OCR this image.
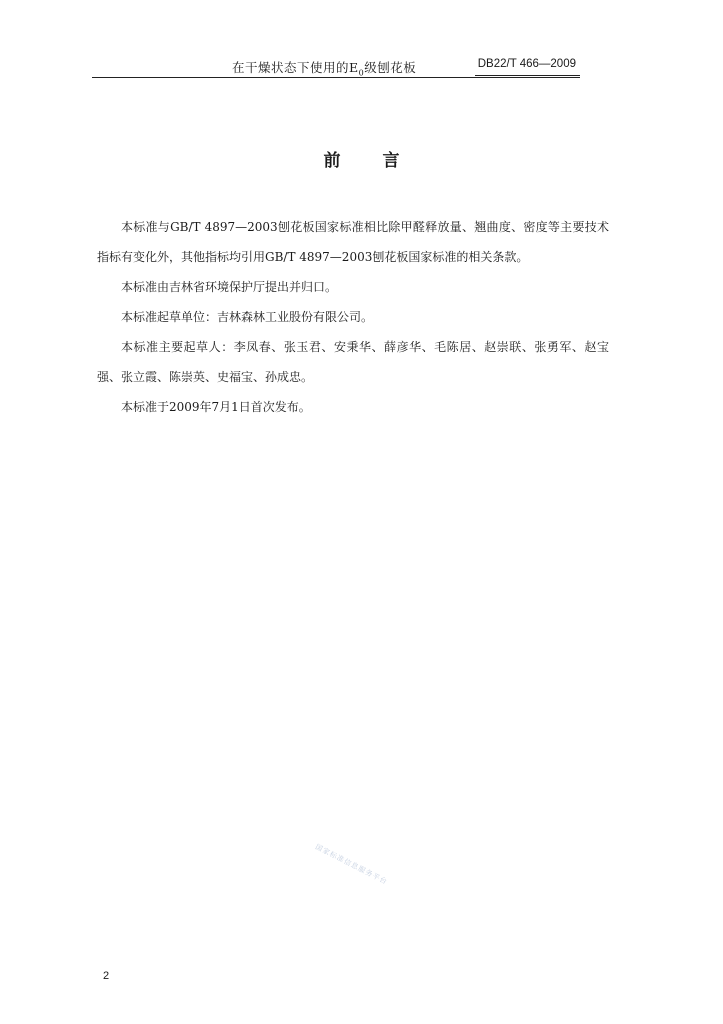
在干燥状态下使用的$E_0$级刨花板	DB22/T 466—2009
前言

本标准与GB/T 4897—2003刨花板国家标准相比除甲醛释放量、翘曲度、密度等主要技术指标有变化外，其他指标均引用GB/T 4897—2003刨花板国家标准的相关条款。

本标准由吉林省环境保护厅提出并归口。

本标准起草单位：吉林森林工业股份有限公司。

本标准主要起草人：李凤春、张玉君、安秉华、薛彦华、毛陈居、赵崇联、张勇军、赵宝强、张立霞、陈崇英、史福宝、孙成忠。

本标准于2009年7月1日首次发布。

国家标准信息服务平台
2
